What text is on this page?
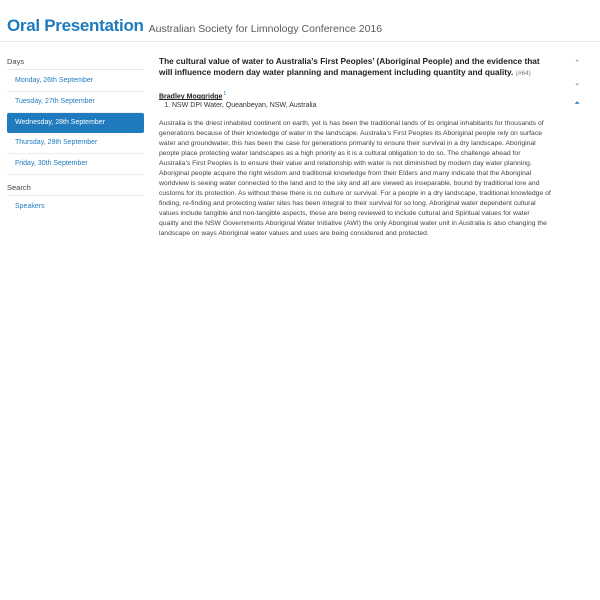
Oral Presentation Australian Society for Limnology Conference 2016
Days
Monday, 26th September
Tuesday, 27th September
Wednesday, 28th September
Thursday, 29th September
Friday, 30th September
Search
Speakers

The cultural value of water to Australia’s First Peoples’ (Aboriginal People) and the evidence that will influence modern day water planning and management including quantity and quality. (#64)

Bradley Moggridge$^1$
1. NSW DPI Water, Queanbeyan, NSW, Australia
Australia is the driest inhabited continent on earth, yet is has been the traditional lands of its original inhabitants for thousands of generations because of their knowledge of water in the landscape. Australia’s First Peoples its Aboriginal people rely on surface water and groundwater, this has been the case for generations primarily to ensure their survival in a dry landscape. Aboriginal people place protecting water landscapes as a high priority as it is a cultural obligation to do so. The challenge ahead for Australia’s First Peoples is to ensure their value and relationship with water is not diminished by modern day water planning. Aboriginal people acquire the right wisdom and traditional knowledge from their Elders and many indicate that the Aboriginal worldview is seeing water connected to the land and to the sky and all are viewed as inseparable, bound by traditional lore and customs for its protection. As without these there is no culture or survival. For a people in a dry landscape, traditional knowledge of finding, re-finding and protecting water sites has been integral to their survival for so long. Aboriginal water dependent cultural values include tangible and non-tangible aspects, these are being reviewed to include cultural and Spiritual values for water quality and the NSW Governments Aboriginal Water Initiative (AWI) the only Aboriginal water unit in Australia is also changing the landscape on ways Aboriginal water values and uses are being considered and protected.
⌃
⌄
⏶
